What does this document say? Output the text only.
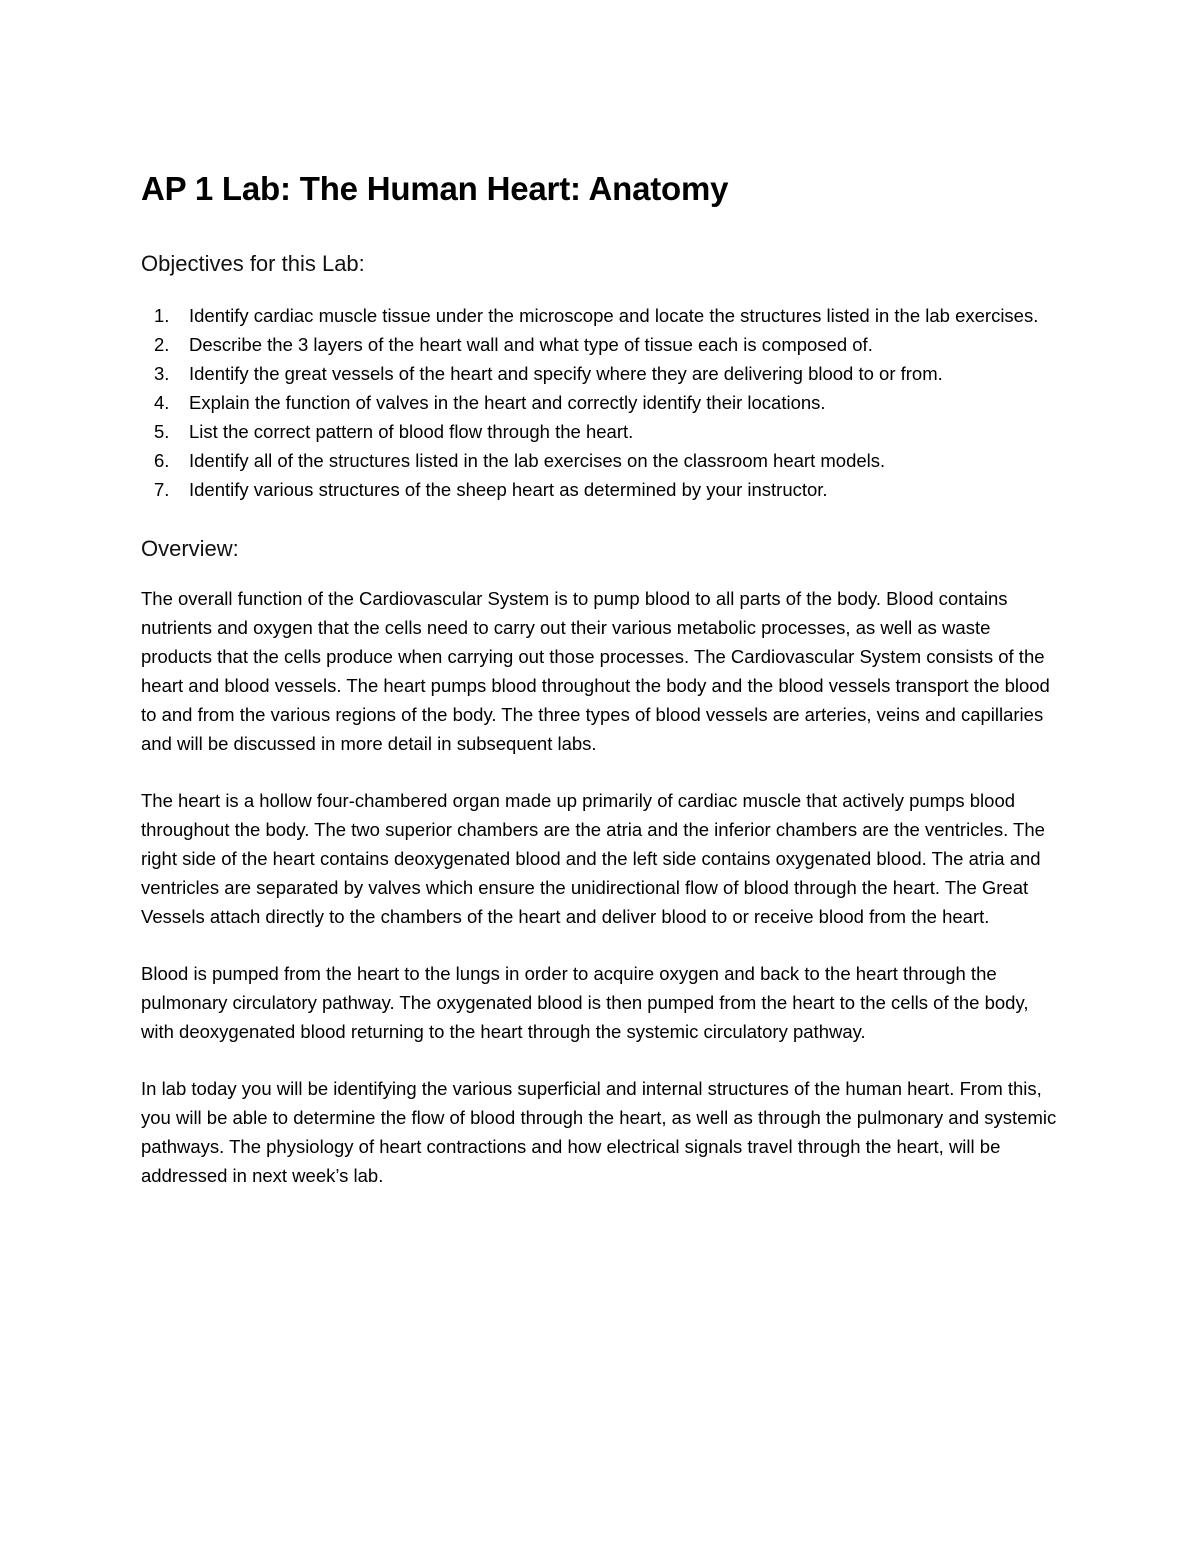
AP 1 Lab: The Human Heart: Anatomy
Objectives for this Lab:
1.	Identify cardiac muscle tissue under the microscope and locate the structures listed in the lab exercises.
2.	Describe the 3 layers of the heart wall and what type of tissue each is composed of.
3.	Identify the great vessels of the heart and specify where they are delivering blood to or from.
4.	Explain the function of valves in the heart and correctly identify their locations.
5.	List the correct pattern of blood flow through the heart.
6.	Identify all of the structures listed in the lab exercises on the classroom heart models.
7.	Identify various structures of the sheep heart as determined by your instructor.
Overview:

The overall function of the Cardiovascular System is to pump blood to all parts of the body. Blood contains nutrients and oxygen that the cells need to carry out their various metabolic processes, as well as waste products that the cells produce when carrying out those processes. The Cardiovascular System consists of the heart and blood vessels. The heart pumps blood throughout the body and the blood vessels transport the blood to and from the various regions of the body. The three types of blood vessels are arteries, veins and capillaries and will be discussed in more detail in subsequent labs.

The heart is a hollow four-chambered organ made up primarily of cardiac muscle that actively pumps blood throughout the body. The two superior chambers are the atria and the inferior chambers are the ventricles. The right side of the heart contains deoxygenated blood and the left side contains oxygenated blood. The atria and ventricles are separated by valves which ensure the unidirectional flow of blood through the heart. The Great Vessels attach directly to the chambers of the heart and deliver blood to or receive blood from the heart.

Blood is pumped from the heart to the lungs in order to acquire oxygen and back to the heart through the pulmonary circulatory pathway. The oxygenated blood is then pumped from the heart to the cells of the body, with deoxygenated blood returning to the heart through the systemic circulatory pathway.

In lab today you will be identifying the various superficial and internal structures of the human heart. From this, you will be able to determine the flow of blood through the heart, as well as through the pulmonary and systemic pathways. The physiology of heart contractions and how electrical signals travel through the heart, will be addressed in next week’s lab.
